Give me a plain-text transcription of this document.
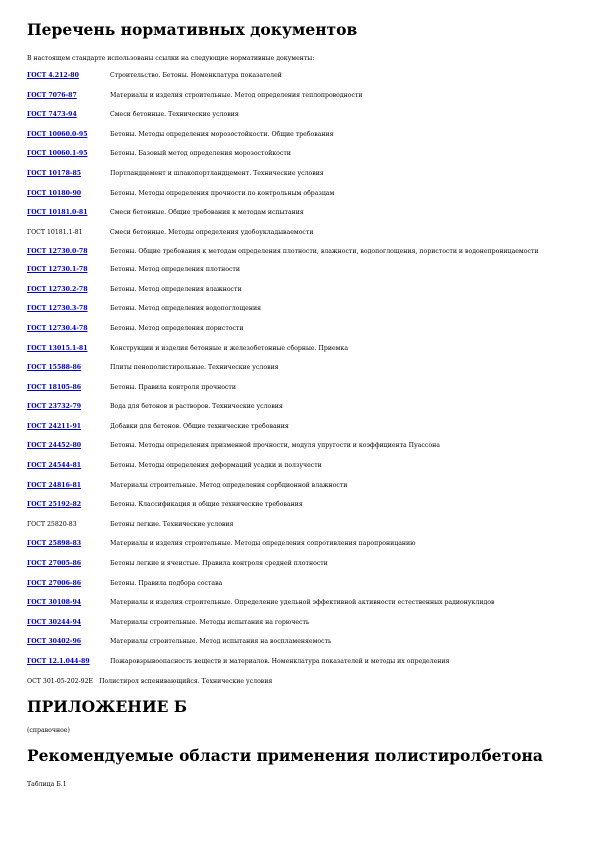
Перечень нормативных документов
В настоящем стандарте использованы ссылки на следующие нормативные документы:
ГОСТ 4.212-80	Строительство. Бетоны. Номенклатура показателей
ГОСТ 7076-87	Материалы и изделия строительные. Метод определения теплопроводности
ГОСТ 7473-94	Смеси бетонные. Технические условия
ГОСТ 10060.0-95	Бетоны. Методы определения морозостойкости. Общие требования
ГОСТ 10060.1-95	Бетоны. Базовый метод определения морозостойкости
ГОСТ 10178-85	Портландцемент и шлакопортландцемент. Технические условия
ГОСТ 10180-90	Бетоны. Методы определения прочности по контрольным образцам
ГОСТ 10181.0-81	Смеси бетонные. Общие требования к методам испытания
ГОСТ 10181.1-81	Смеси бетонные. Методы определения удобоукладываемости
ГОСТ 12730.0-78	Бетоны. Общие требования к методам определения плотности, влажности, водопоглощения, пористости и водонепроницаемости
ГОСТ 12730.1-78	Бетоны. Метод определения плотности
ГОСТ 12730.2-78	Бетоны. Метод определения влажности
ГОСТ 12730.3-78	Бетоны. Метод определения водопоглощения
ГОСТ 12730.4-78	Бетоны. Метод определения пористости
ГОСТ 13015.1-81	Конструкции и изделия бетонные и железобетонные сборные. Приемка
ГОСТ 15588-86	Плиты пенополистирольные. Технические условия
ГОСТ 18105-86	Бетоны. Правила контроля прочности
ГОСТ 23732-79	Вода для бетонов и растворов. Технические условия
ГОСТ 24211-91	Добавки для бетонов. Общие технические требования
ГОСТ 24452-80	Бетоны. Методы определения призменной прочности, модуля упругости и коэффициента Пуассона
ГОСТ 24544-81	Бетоны. Методы определения деформаций усадки и ползучести
ГОСТ 24816-81	Материалы строительные. Метод определения сорбционной влажности
ГОСТ 25192-82	Бетоны. Классификация и общие технические требования
ГОСТ 25820-83	Бетоны легкие. Технические условия
ГОСТ 25898-83	Материалы и изделия строительные. Методы определения сопротивления паропроницанию
ГОСТ 27005-86	Бетоны легкие и ячеистые. Правила контроля средней плотности
ГОСТ 27006-86	Бетоны. Правила подбора состава
ГОСТ 30108-94	Материалы и изделия строительные. Определение удельной эффективной активности естественных радионуклидов
ГОСТ 30244-94	Материалы строительные. Методы испытания на горючесть
ГОСТ 30402-96	Материалы строительные. Метод испытания на воспламеняемость
ГОСТ 12.1.044-89	Пожаровзрывоопасность веществ и материалов. Номенклатура показателей и методы их определения
ОСТ 301-05-202-92Е Полистирол вспенивающийся. Технические условия
ПРИЛОЖЕНИЕ Б
(справочное)
Рекомендуемые области применения полистиролбетона
Таблица Б.1
